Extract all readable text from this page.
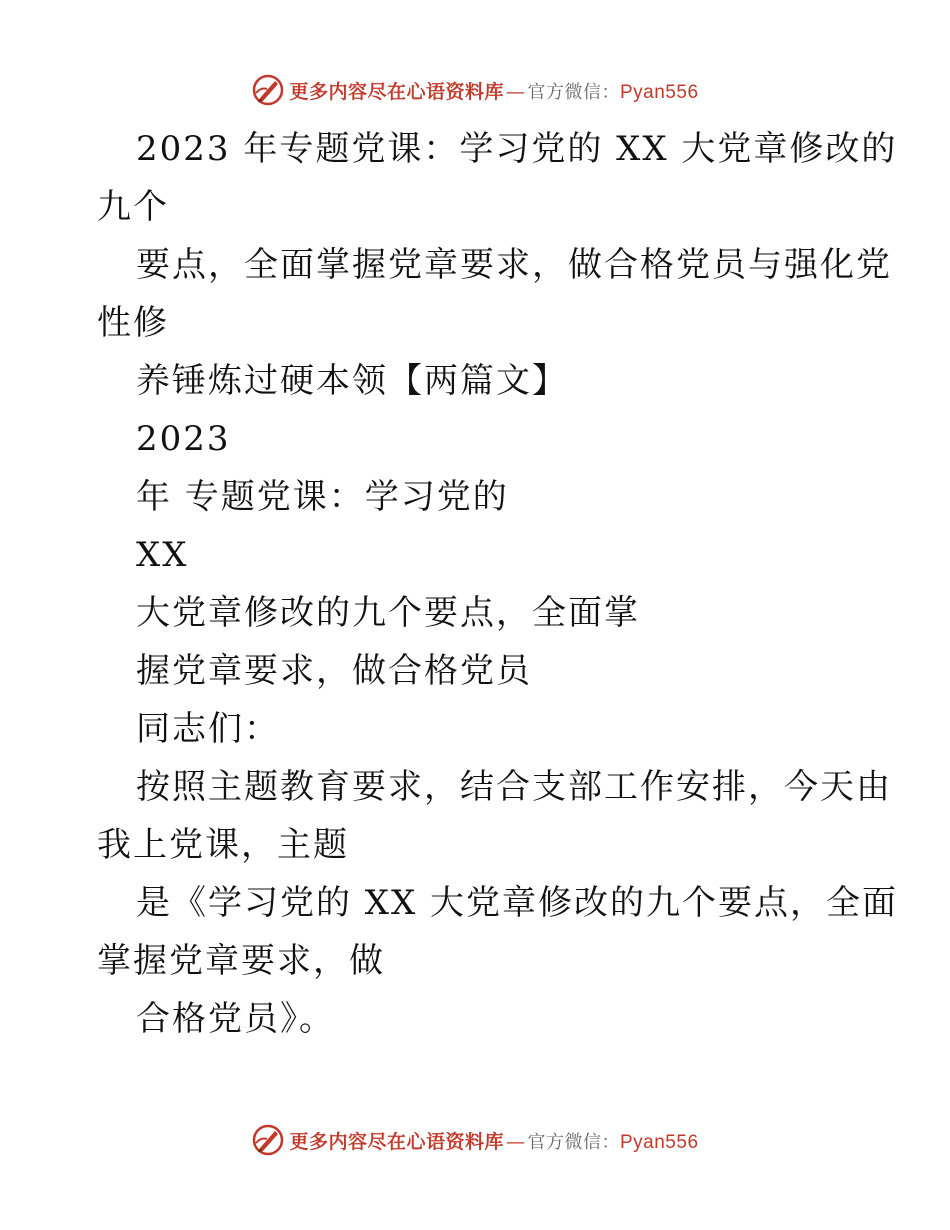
更多内容尽在心语资料库 — 官方微信： Pyan556
2023 年专题党课：学习党的 XX 大党章修改的
九个
要点，全面掌握党章要求，做合格党员与强化党
性修
养锤炼过硬本领【两篇文】
2023
年 专题党课：学习党的
XX
大党章修改的九个要点，全面掌
握党章要求，做合格党员
同志们：
按照主题教育要求，结合支部工作安排，今天由
我上党课，主题
是《学习党的 XX 大党章修改的九个要点，全面
掌握党章要求，做
合格党员》。
更多内容尽在心语资料库 — 官方微信： Pyan556
